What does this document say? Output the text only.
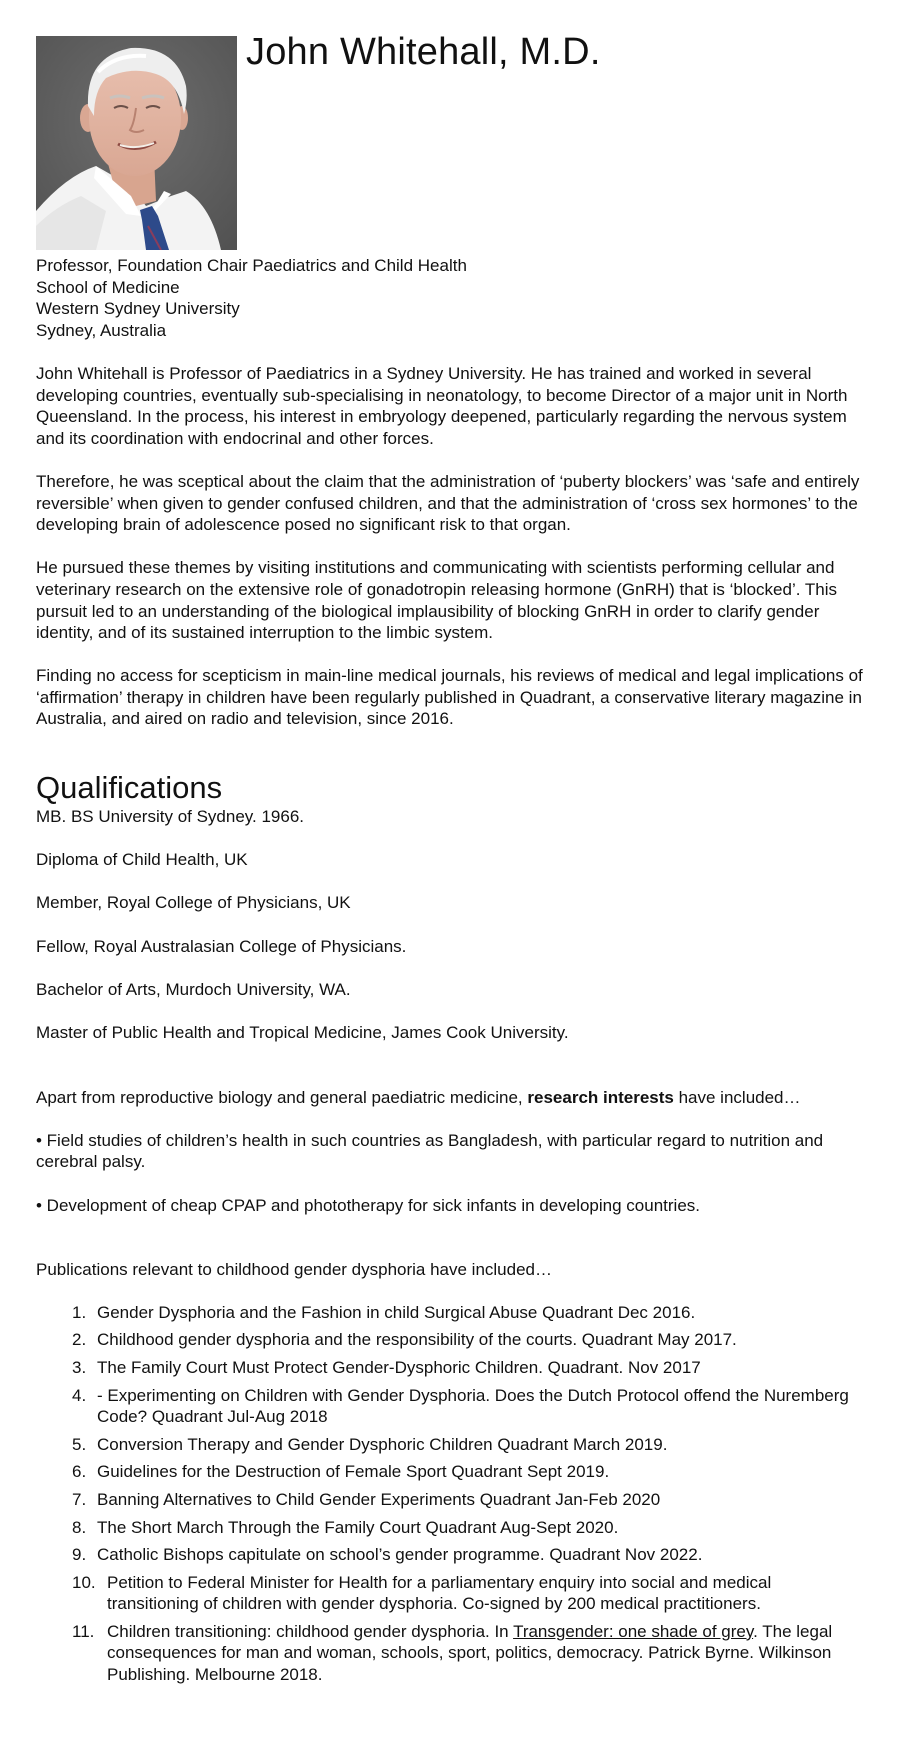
John Whitehall, M.D.
Professor, Foundation Chair Paediatrics and Child Health
School of Medicine
Western Sydney University
Sydney, Australia

John Whitehall is Professor of Paediatrics in a Sydney University. He has trained and worked in several developing countries, eventually sub-specialising in neonatology, to become Director of a major unit in North Queensland. In the process, his interest in embryology deepened, particularly regarding the nervous system and its coordination with endocrinal and other forces.

Therefore, he was sceptical about the claim that the administration of ‘puberty blockers’ was ‘safe and entirely reversible’ when given to gender confused children, and that the administration of ‘cross sex hormones’ to the developing brain of adolescence posed no significant risk to that organ.

He pursued these themes by visiting institutions and communicating with scientists performing cellular and veterinary research on the extensive role of gonadotropin releasing hormone (GnRH) that is ‘blocked’. This pursuit led to an understanding of the biological implausibility of blocking GnRH in order to clarify gender identity, and of its sustained interruption to the limbic system.

Finding no access for scepticism in main-line medical journals, his reviews of medical and legal implications of ‘affirmation’ therapy in children have been regularly published in Quadrant, a conservative literary magazine in Australia, and aired on radio and television, since 2016.

Qualifications

MB. BS University of Sydney. 1966.

Diploma of Child Health, UK

Member, Royal College of Physicians, UK

Fellow, Royal Australasian College of Physicians.

Bachelor of Arts, Murdoch University, WA.

Master of Public Health and Tropical Medicine, James Cook University.

Apart from reproductive biology and general paediatric medicine, research interests have included…

• Field studies of children’s health in such countries as Bangladesh, with particular regard to nutrition and cerebral palsy.

• Development of cheap CPAP and phototherapy for sick infants in developing countries.

Publications relevant to childhood gender dysphoria have included…

1. Gender Dysphoria and the Fashion in child Surgical Abuse Quadrant Dec 2016.
2. Childhood gender dysphoria and the responsibility of the courts. Quadrant May 2017.
3. The Family Court Must Protect Gender-Dysphoric Children. Quadrant. Nov 2017
4. - Experimenting on Children with Gender Dysphoria. Does the Dutch Protocol offend the Nuremberg Code? Quadrant Jul-Aug 2018
5. Conversion Therapy and Gender Dysphoric Children Quadrant March 2019.
6. Guidelines for the Destruction of Female Sport Quadrant Sept 2019.
7. Banning Alternatives to Child Gender Experiments Quadrant Jan-Feb 2020
8. The Short March Through the Family Court Quadrant Aug-Sept 2020.
9. Catholic Bishops capitulate on school’s gender programme. Quadrant Nov 2022.
10. Petition to Federal Minister for Health for a parliamentary enquiry into social and medical transitioning of children with gender dysphoria. Co-signed by 200 medical practitioners.
11. Children transitioning: childhood gender dysphoria. In Transgender: one shade of grey. The legal consequences for man and woman, schools, sport, politics, democracy. Patrick Byrne. Wilkinson Publishing. Melbourne 2018.
